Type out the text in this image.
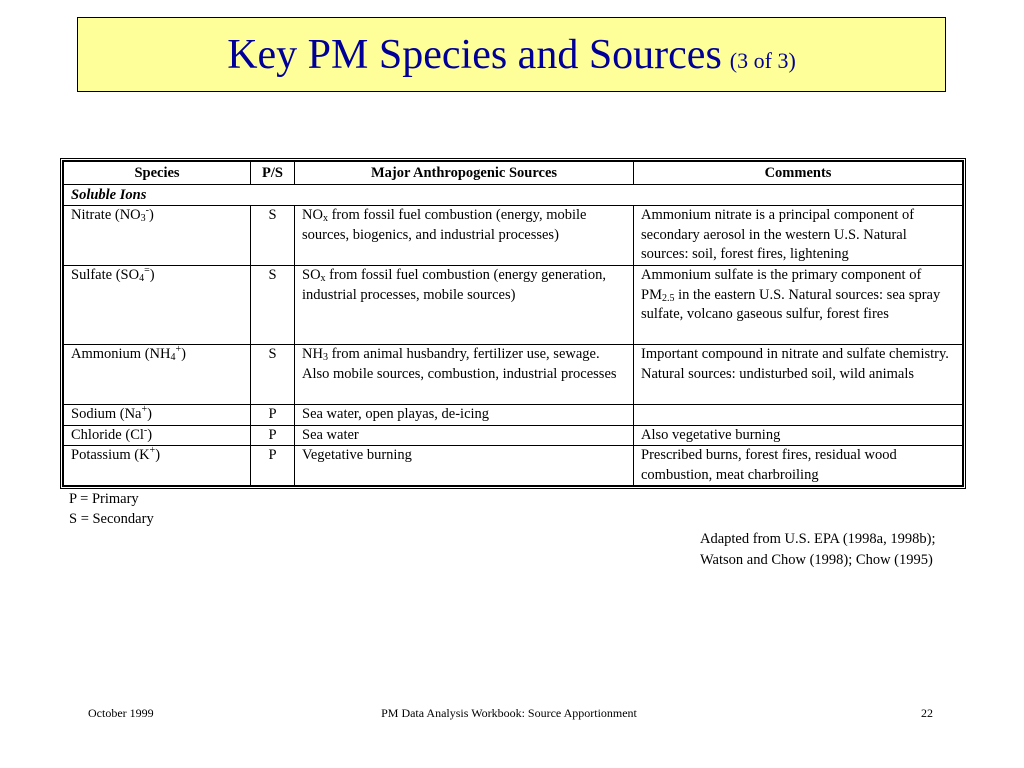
Key PM Species and Sources (3 of 3)
Species	P/S	Major Anthropogenic Sources	Comments
Soluble Ions			
Nitrate $(NO_3^-)$	S	$NO_x$ from fossil fuel combustion (energy, mobile sources, biogenics, and industrial processes)	Ammonium nitrate is a principal component of secondary aerosol in the western U.S. Natural sources: soil, forest fires, lightening
Sulfate $(SO_4^=)$	S	$SO_x$ from fossil fuel combustion (energy generation, industrial processes, mobile sources)	Ammonium sulfate is the primary component of $PM_{2.5}$ in the eastern U.S. Natural sources: sea spray sulfate, volcano gaseous sulfur, forest fires
Ammonium $(NH_4^+)$	S	$NH_3$ from animal husbandry, fertilizer use, sewage. Also mobile sources, combustion, industrial processes	Important compound in nitrate and sulfate chemistry. Natural sources: undisturbed soil, wild animals
Sodium (Na+)	P	Sea water, open playas, de-icing	
Chloride (Cl-)	P	Sea water	Also vegetative burning
Potassium (K+)	P	Vegetative burning	Prescribed burns, forest fires, residual wood combustion, meat charbroiling
P = Primary
S = Secondary
Adapted from U.S. EPA (1998a, 1998b);
Watson and Chow (1998); Chow (1995)
October 1999	PM Data Analysis Workbook: Source Apportionment	22
